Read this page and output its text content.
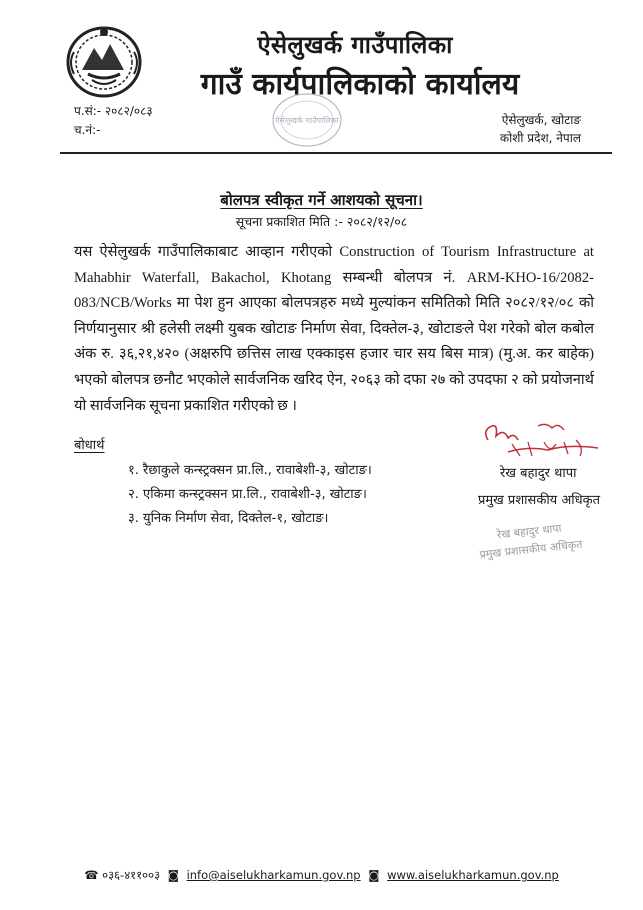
ऐसेलुखर्क गाउँपालिका
गाउँ कार्यपालिकाको कार्यालय
प.सं:- २०८२/०८३
च.नं:-
ऐसेलुखर्क गाउँपालिका	ऐसेलुखर्क, खोटाङ
कोशी प्रदेश, नेपाल
बोलपत्र स्वीकृत गर्ने आशयको सूचना।
सूचना प्रकाशित मिति :- २०८२/१२/०८
यस ऐसेलुखर्क गाउँपालिकाबाट आव्हान गरीएको Construction of Tourism Infrastructure at Mahabhir Waterfall, Bakachol, Khotang सम्बन्धी बोलपत्र नं. ARM-KHO-16/2082-083/NCB/Works मा पेश हुन आएका बोलपत्रहरु मध्ये मुल्यांकन समितिको मिति २०८२/१२/०८ को निर्णयानुसार श्री हलेसी लक्ष्मी युबक खोटाङ निर्माण सेवा, दिक्तेल-३, खोटाङले पेश गरेको बोल कबोल अंक रु. ३६,२१,४२० (अक्षरुपि छत्तिस लाख एक्काइस हजार चार सय बिस मात्र) (मु.अ. कर बाहेक) भएको बोलपत्र छनौट भएकोले सार्वजनिक खरिद ऐन, २०६३ को दफा २७ को उपदफा २ को प्रयोजनार्थ यो सार्वजनिक सूचना प्रकाशित गरीएको छ ।
बोधार्थ
१. रैछाकुले कन्स्ट्रक्सन प्रा.लि., रावाबेशी-३, खोटाङ।
२. एकिमा कन्स्ट्रक्सन प्रा.लि., रावाबेशी-३, खोटाङ।
३. युनिक निर्माण सेवा, दिक्तेल-१, खोटाङ।
रेख बहादुर थापा
प्रमुख प्रशासकीय अधिकृत
रेख बहादुर थापा
प्रमुख प्रशासकीय अधिकृत
☎ ०३६-४११००३ ◙ info@aiselukharkamun.gov.np ◙ www.aiselukharkamun.gov.np
